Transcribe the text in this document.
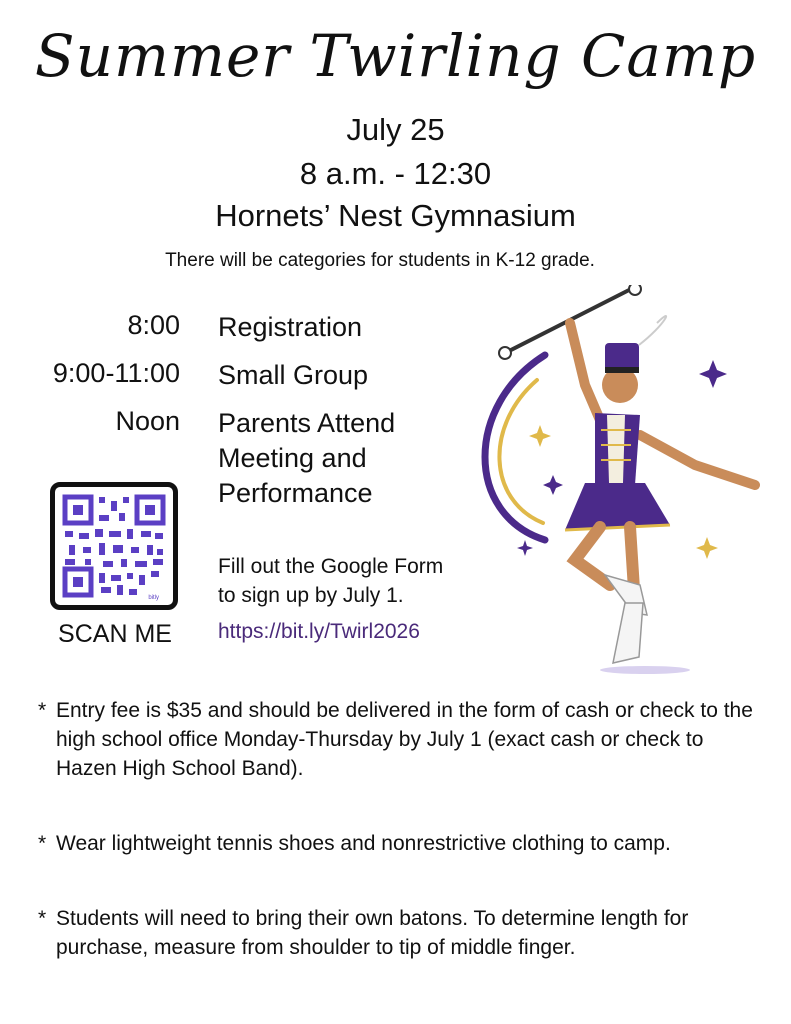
Summer Twirling Camp
July 25
8 a.m. - 12:30
Hornets’ Nest Gymnasium
There will be categories for students in K-12 grade.
8:00 Registration
9:00-11:00 Small Group
Noon Parents Attend Meeting and Performance
bitly
SCAN ME
Fill out the Google Form
to sign up by July 1.
https://bit.ly/Twirl2026
* Entry fee is $35 and should be delivered in the form of cash or check to the high school office Monday-Thursday by July 1 (exact cash or check to Hazen High School Band).
* Wear lightweight tennis shoes and nonrestrictive clothing to camp.
* Students will need to bring their own batons. To determine length for purchase, measure from shoulder to tip of middle finger.
